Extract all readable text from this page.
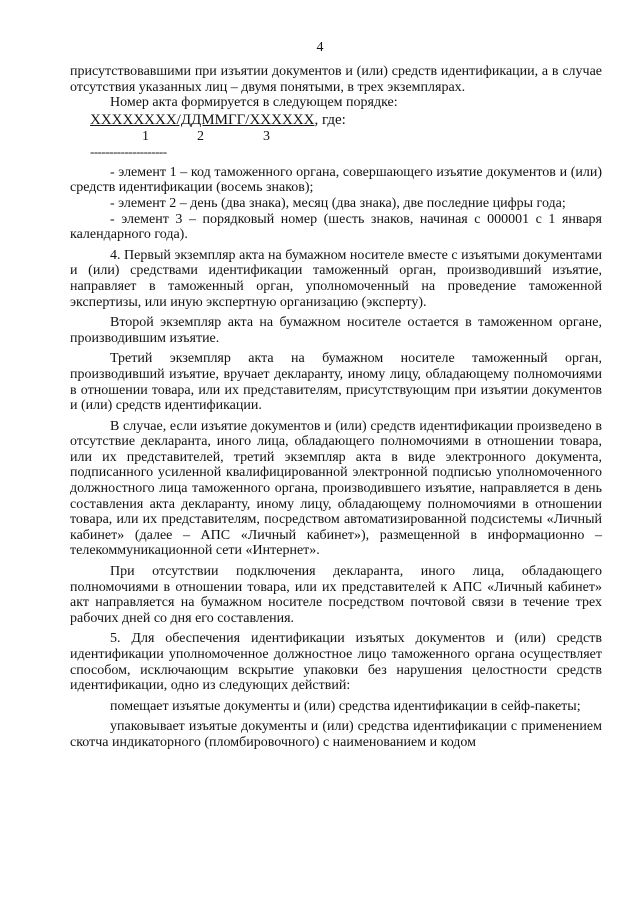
4

присутствовавшими при изъятии документов и (или) средств идентификации, а в случае отсутствия указанных лиц – двумя понятыми, в трех экземплярах.

Номер акта формируется в следующем порядке:

XXXXXXXX/ДДММГГ/XXXXXX, где:
1	2	3
--------------------

- элемент 1 – код таможенного органа, совершающего изъятие документов и (или) средств идентификации (восемь знаков);

- элемент 2 – день (два знака), месяц (два знака), две последние цифры года;

- элемент 3 – порядковый номер (шесть знаков, начиная с 000001 с 1 января календарного года).

4. Первый экземпляр акта на бумажном носителе вместе с изъятыми документами и (или) средствами идентификации таможенный орган, производивший изъятие, направляет в таможенный орган, уполномоченный на проведение таможенной экспертизы, или иную экспертную организацию (эксперту).

Второй экземпляр акта на бумажном носителе остается в таможенном органе, производившим изъятие.

Третий экземпляр акта на бумажном носителе таможенный орган, производивший изъятие, вручает декларанту, иному лицу, обладающему полномочиями в отношении товара, или их представителям, присутствующим при изъятии документов и (или) средств идентификации.

В случае, если изъятие документов и (или) средств идентификации произведено в отсутствие декларанта, иного лица, обладающего полномочиями в отношении товара, или их представителей, третий экземпляр акта в виде электронного документа, подписанного усиленной квалифицированной электронной подписью уполномоченного должностного лица таможенного органа, производившего изъятие, направляется в день составления акта декларанту, иному лицу, обладающему полномочиями в отношении товара, или их представителям, посредством автоматизированной подсистемы «Личный кабинет» (далее – АПС «Личный кабинет»), размещенной в информационно – телекоммуникационной сети «Интернет».

При отсутствии подключения декларанта, иного лица, обладающего полномочиями в отношении товара, или их представителей к АПС «Личный кабинет» акт направляется на бумажном носителе посредством почтовой связи в течение трех рабочих дней со дня его составления.

5. Для обеспечения идентификации изъятых документов и (или) средств идентификации уполномоченное должностное лицо таможенного органа осуществляет способом, исключающим вскрытие упаковки без нарушения целостности средств идентификации, одно из следующих действий:

помещает изъятые документы и (или) средства идентификации в сейф-пакеты;

упаковывает изъятые документы и (или) средства идентификации с применением скотча индикаторного (пломбировочного) с наименованием и кодом
